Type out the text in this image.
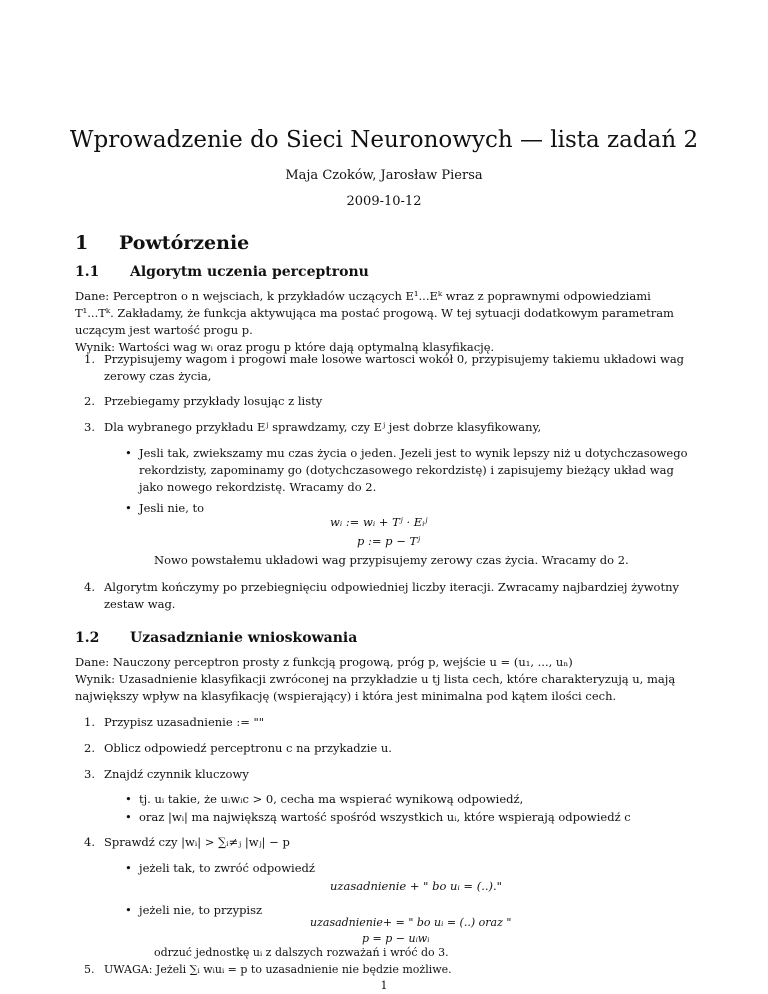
Wprowadzenie do Sieci Neuronowych — lista zadań 2
Maja Czoków, Jarosław Piersa
2009-10-12
1 Powtórzenie
1.1 Algorytm uczenia perceptronu
Dane: Perceptron o n wejsciach, k przykładów uczących E¹...Eᵏ wraz z poprawnymi odpowiedziami
T¹...Tᵏ. Zakładamy, że funkcja aktywująca ma postać progową. W tej sytuacji dodatkowym parametram
uczącym jest wartość progu p.
Wynik: Wartości wag wᵢ oraz progu p które dają optymalną klasyfikację.
1. Przypisujemy wagom i progowi małe losowe wartosci wokół 0, przypisujemy takiemu układowi wag
zerowy czas życia,
2. Przebiegamy przykłady losując z listy
3. Dla wybranego przykładu Eʲ sprawdzamy, czy Eʲ jest dobrze klasyfikowany,
• Jesli tak, zwiekszamy mu czas życia o jeden. Jezeli jest to wynik lepszy niż u dotychczasowego
rekordzisty, zapominamy go (dotychczasowego rekordzistę) i zapisujemy bieżący układ wag
jako nowego rekordzistę. Wracamy do 2.
• Jesli nie, to
wᵢ := wᵢ + Tʲ · Eᵢʲ
p := p − Tʲ
Nowo powstałemu układowi wag przypisujemy zerowy czas życia. Wracamy do 2.
4. Algorytm kończymy po przebiegnięciu odpowiedniej liczby iteracji. Zwracamy najbardziej żywotny
zestaw wag.
1.2 Uzasadznianie wnioskowania
Dane: Nauczony perceptron prosty z funkcją progową, próg p, wejście u = (u₁, ..., uₙ)
Wynik: Uzasadnienie klasyfikacji zwróconej na przykładzie u tj lista cech, które charakteryzują u, mają
największy wpływ na klasyfikację (wspierający) i która jest minimalna pod kątem ilości cech.
1. Przypisz uzasadnienie := ""
2. Oblicz odpowiedź perceptronu c na przykadzie u.
3. Znajdź czynnik kluczowy
• tj. uᵢ takie, że uᵢwᵢc > 0, cecha ma wspierać wynikową odpowiedź,
• oraz |wᵢ| ma największą wartość spośród wszystkich uᵢ, które wspierają odpowiedź c
4. Sprawdź czy |wᵢ| > ∑ᵢ≠ⱼ |wⱼ| − p
• jeżeli tak, to zwróć odpowiedź
uzasadnienie + " bo uᵢ = (..)."
• jeżeli nie, to przypisz
uzasadnienie+ = " bo uᵢ = (..) oraz "
p = p − uᵢwᵢ
odrzuć jednostkę uᵢ z dalszych rozważań i wróć do 3.
5. UWAGA: Jeżeli ∑ᵢ wᵢuᵢ = p to uzasadnienie nie będzie możliwe.
1
